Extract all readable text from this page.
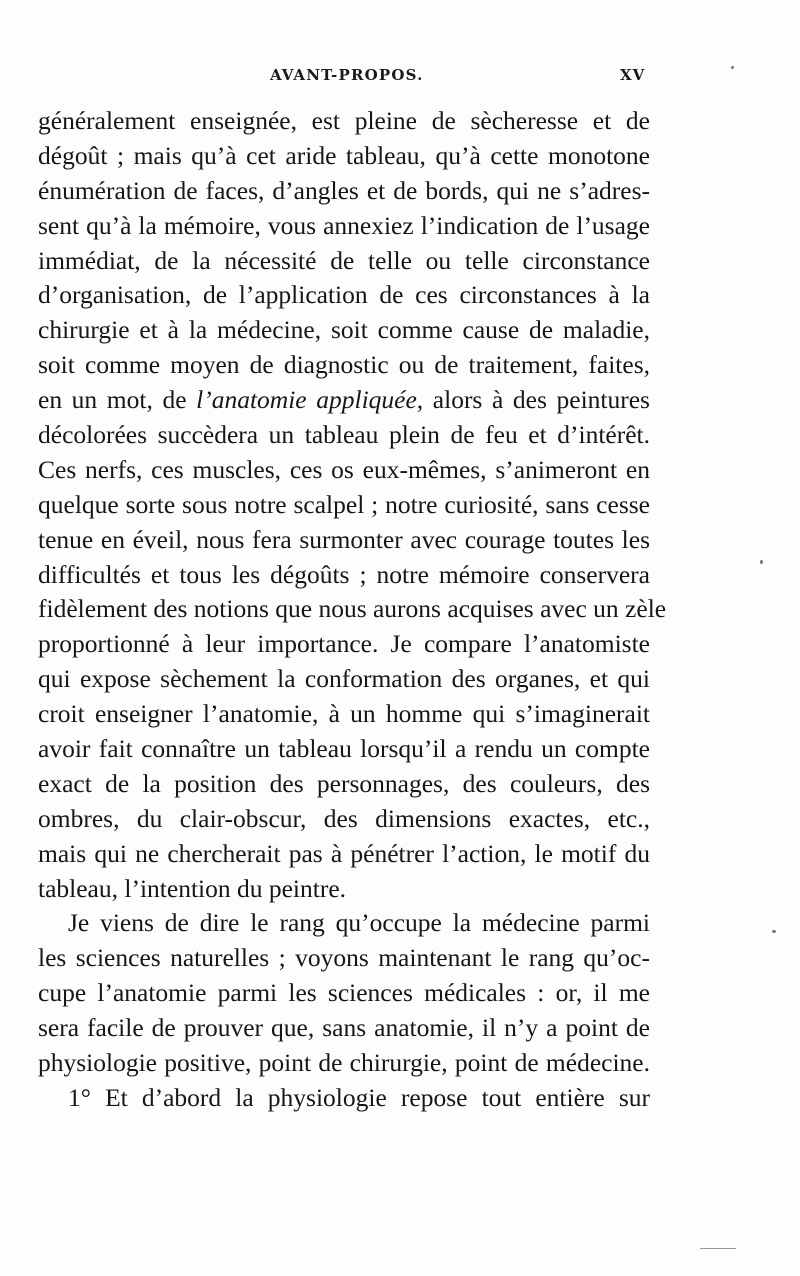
AVANT-PROPOS.	XV
généralement enseignée, est pleine de sècheresse et de
dégoût ; mais qu’à cet aride tableau, qu’à cette monotone
énumération de faces, d’angles et de bords, qui ne s’adres-
sent qu’à la mémoire, vous annexiez l’indication de l’usage
immédiat, de la nécessité de telle ou telle circonstance
d’organisation, de l’application de ces circonstances à la
chirurgie et à la médecine, soit comme cause de maladie,
soit comme moyen de diagnostic ou de traitement, faites,
en un mot, de l’anatomie appliquée, alors à des peintures
décolorées succèdera un tableau plein de feu et d’intérêt.
Ces nerfs, ces muscles, ces os eux-mêmes, s’animeront en
quelque sorte sous notre scalpel ; notre curiosité, sans cesse
tenue en éveil, nous fera surmonter avec courage toutes les
difficultés et tous les dégoûts ; notre mémoire conservera
fidèlement des notions que nous aurons acquises avec un zèle
proportionné à leur importance. Je compare l’anatomiste
qui expose sèchement la conformation des organes, et qui
croit enseigner l’anatomie, à un homme qui s’imaginerait
avoir fait connaître un tableau lorsqu’il a rendu un compte
exact de la position des personnages, des couleurs, des
ombres, du clair-obscur, des dimensions exactes, etc.,
mais qui ne chercherait pas à pénétrer l’action, le motif du
tableau, l’intention du peintre.
Je viens de dire le rang qu’occupe la médecine parmi
les sciences naturelles ; voyons maintenant le rang qu’oc-
cupe l’anatomie parmi les sciences médicales : or, il me
sera facile de prouver que, sans anatomie, il n’y a point de
physiologie positive, point de chirurgie, point de médecine.
1° Et d’abord la physiologie repose tout entière sur
